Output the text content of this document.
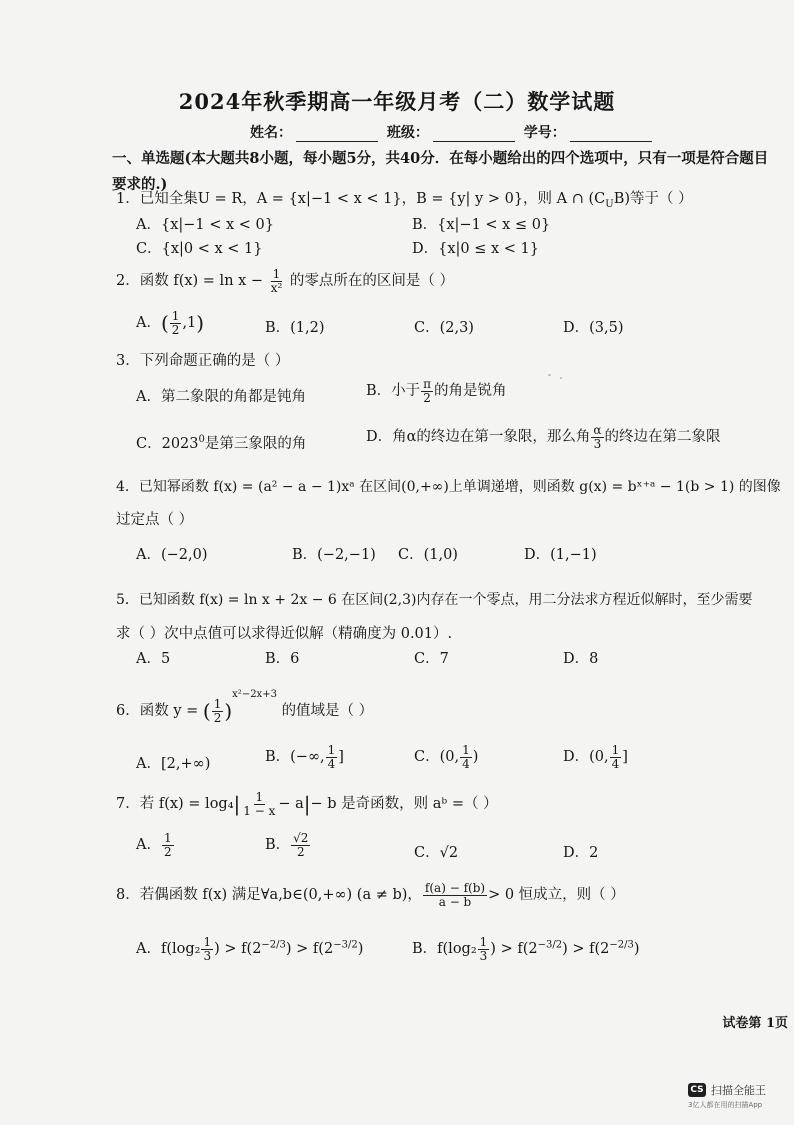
2024年秋季期高一年级月考（二）数学试题
姓名：	班级：	学号：
一、单选题(本大题共8小题，每小题5分，共40分．在每小题给出的四个选项中，只有一项是符合题目要求的.)
1．已知全集U = R，A = {x|−1 < x < 1}，B = {y| y > 0}，则 A ∩ $(C_UB)$等于（ ）
A．{x|−1 < x < 0}	B．{x|−1 < x ≤ 0}
C．{x|0 < x < 1}	D．{x|0 ≤ x < 1}
2．函数 $f(x) = \ln x - \frac{1}{\text{x²}}$ 的零点所在的区间是（ ）
A．( $\frac{1}{2} ,1$)	B．(1,2)	C．(2,3)	D．(3,5)
3．下列命题正确的是（ ）
A．第二象限的角都是钝角	B．小于 $\frac{\pi}{2}$ 的角是锐角
C．2023$^0$是第三象限的角	D．角α的终边在第一象限，那么角 $\frac{\alpha}{3}$ 的终边在第二象限
4．已知幂函数 f(x) = (a² − a − 1)xᵃ 在区间(0,+∞)上单调递增，则函数 g(x) = bˣ⁺ᵃ − 1(b > 1) 的图像
过定点（ ）
A．(−2,0)	B．(−2,−1) C．(1,0)	D．(1,−1)
5．已知函数 f(x) = ln x + 2x − 6 在区间(2,3)内存在一个零点，用二分法求方程近似解时，至少需要
求（ ）次中点值可以求得近似解（精确度为 0.01）.
A．5	B．6	C．7	D．8
6．函数 y = ( $\frac{1}{2} )^{x^2-2x+3}$ 的值域是（ ）
A．[2,+∞)	B．(−∞, $\frac{1}{4}$ ]	C．(0, $\frac{1}{4}$ )	D．(0, $\frac{1}{4}$ ]
7．若 $f(x) = \log_4| \frac{1}{1 - x} - a|- b$ 是奇函数，则 aᵇ =（ ）
A． $\frac{1}{2}$	B． $\frac{√2}{2}$	C．√2	D．2
8．若偶函数 f(x) 满足∀a,b∈(0,+∞) (a ≠ b)， $\frac{f(a) - f(b)}{a - b} > 0$ 恒成立，则（ ）
A．$f(\log_2 \frac{1}{3}$ ) > $f(2^{-2/3}) > f(2^{-3/2})$	B．$f(\log_2 \frac{1}{3}$ ) > $f(2^{-3/2}) > f(2^{-2/3})$
试卷第 1页
CS 扫描全能王
3亿人都在用的扫描App
